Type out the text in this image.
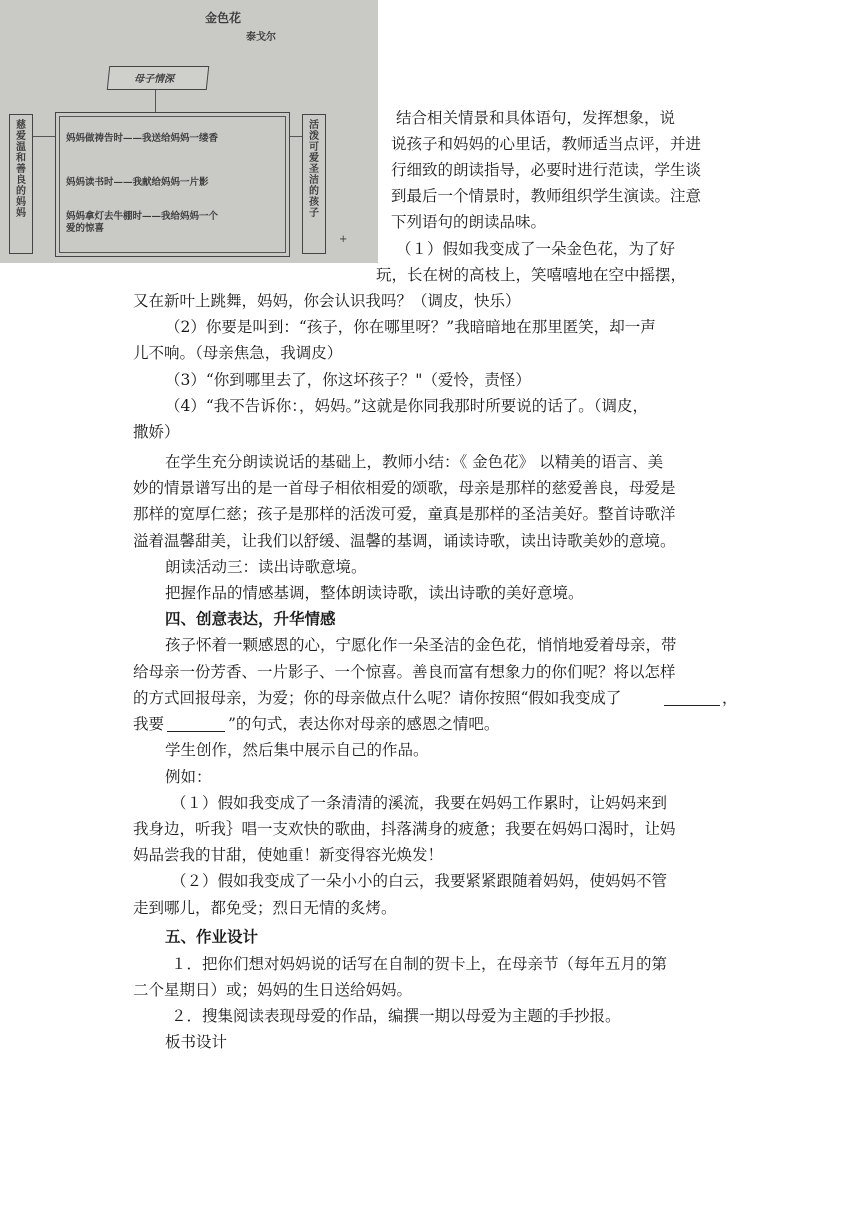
金色花
泰戈尔
母子情深
慈爱温和善良的妈妈
活泼可爱圣洁的孩子
妈妈做祷告时——我送给妈妈一缕香
妈妈读书时——我献给妈妈一片影
妈妈拿灯去牛棚时——我给妈妈一个
爱的惊喜
+
结合相关情景和具体语句，发挥想象，说
说孩子和妈妈的心里话，教师适当点评，并进
行细致的朗读指导，必要时进行范读，学生谈
到最后一个情景时，教师组织学生演读。注意
下列语句的朗读品味。
（１）假如我变成了一朵金色花，为了好
玩，长在树的高枝上，笑嘻嘻地在空中摇摆，
又在新叶上跳舞，妈妈，你会认识我吗？（调皮，快乐）
（2）你要是叫到：“孩子，你在哪里呀？”我暗暗地在那里匿笑，却一声
儿不响。（母亲焦急，我调皮）
（3）“你到哪里去了，你这坏孩子？"（爱怜，责怪）
（4）“我不告诉你：，妈妈。”这就是你同我那时所要说的话了。（调皮，
撒娇）
在学生充分朗读说话的基础上，教师小结：《 金色花》 以精美的语言、美
妙的情景谱写出的是一首母子相依相爱的颂歌，母亲是那样的慈爱善良，母爱是
那样的宽厚仁慈；孩子是那样的活泼可爱，童真是那样的圣洁美好。整首诗歌洋
溢着温馨甜美，让我们以舒缓、温馨的基调，诵读诗歌，读出诗歌美妙的意境。
朗读活动三：读出诗歌意境。
把握作品的情感基调，整体朗读诗歌，读出诗歌的美好意境。
四、创意表达，升华情感
孩子怀着一颗感恩的心，宁愿化作一朵圣洁的金色花，悄悄地爱着母亲，带
给母亲一份芳香、一片影子、一个惊喜。善良而富有想象力的你们呢？将以怎样
的方式回报母亲，为爱；你的母亲做点什么呢？请你按照“假如我变成了	，
我要	”的句式，表达你对母亲的感恩之情吧。
学生创作，然后集中展示自己的作品。
例如：
（１）假如我变成了一条清清的溪流，我要在妈妈工作累时，让妈妈来到
我身边，听我｝唱一支欢快的歌曲，抖落满身的疲惫；我要在妈妈口渴时，让妈
妈品尝我的甘甜，使她重！新变得容光焕发！
（２）假如我变成了一朵小小的白云，我要紧紧跟随着妈妈，使妈妈不管
走到哪儿，都免受；烈日无情的炙烤。
五、作业设计
１．把你们想对妈妈说的话写在自制的贺卡上，在母亲节（每年五月的第
二个星期日）或；妈妈的生日送给妈妈。
２．搜集阅读表现母爱的作品，编撰一期以母爱为主题的手抄报。
板书设计
